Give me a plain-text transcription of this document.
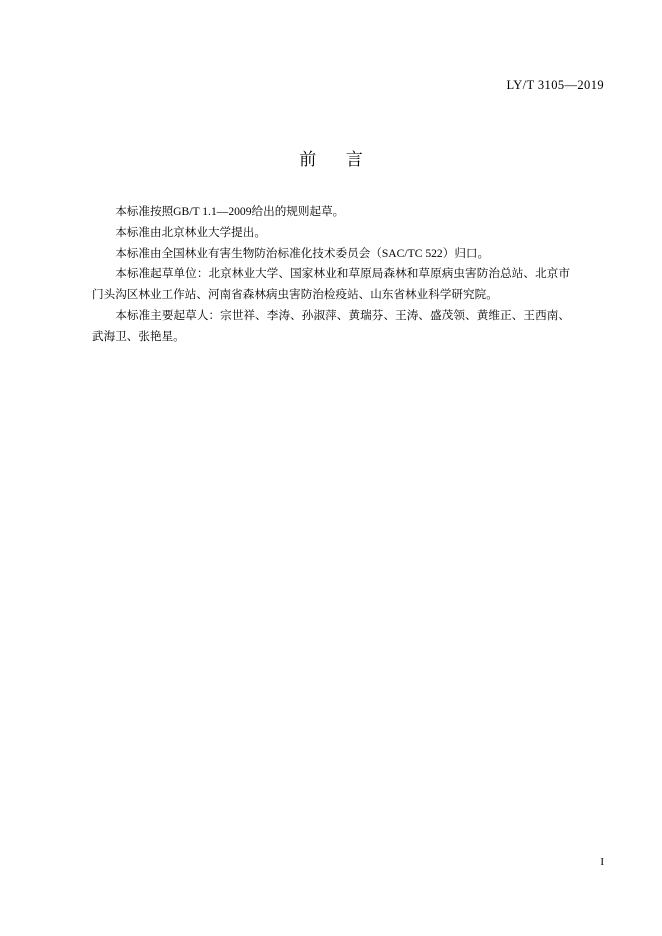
LY/T 3105—2019
前 言

本标准按照GB/T 1.1—2009给出的规则起草。

本标准由北京林业大学提出。

本标准由全国林业有害生物防治标准化技术委员会（SAC/TC 522）归口。

本标准起草单位：北京林业大学、国家林业和草原局森林和草原病虫害防治总站、北京市门头沟区林业工作站、河南省森林病虫害防治检疫站、山东省林业科学研究院。

本标准主要起草人：宗世祥、李涛、孙淑萍、黄瑞芬、王涛、盛茂领、黄维正、王西南、武海卫、张艳星。

I
